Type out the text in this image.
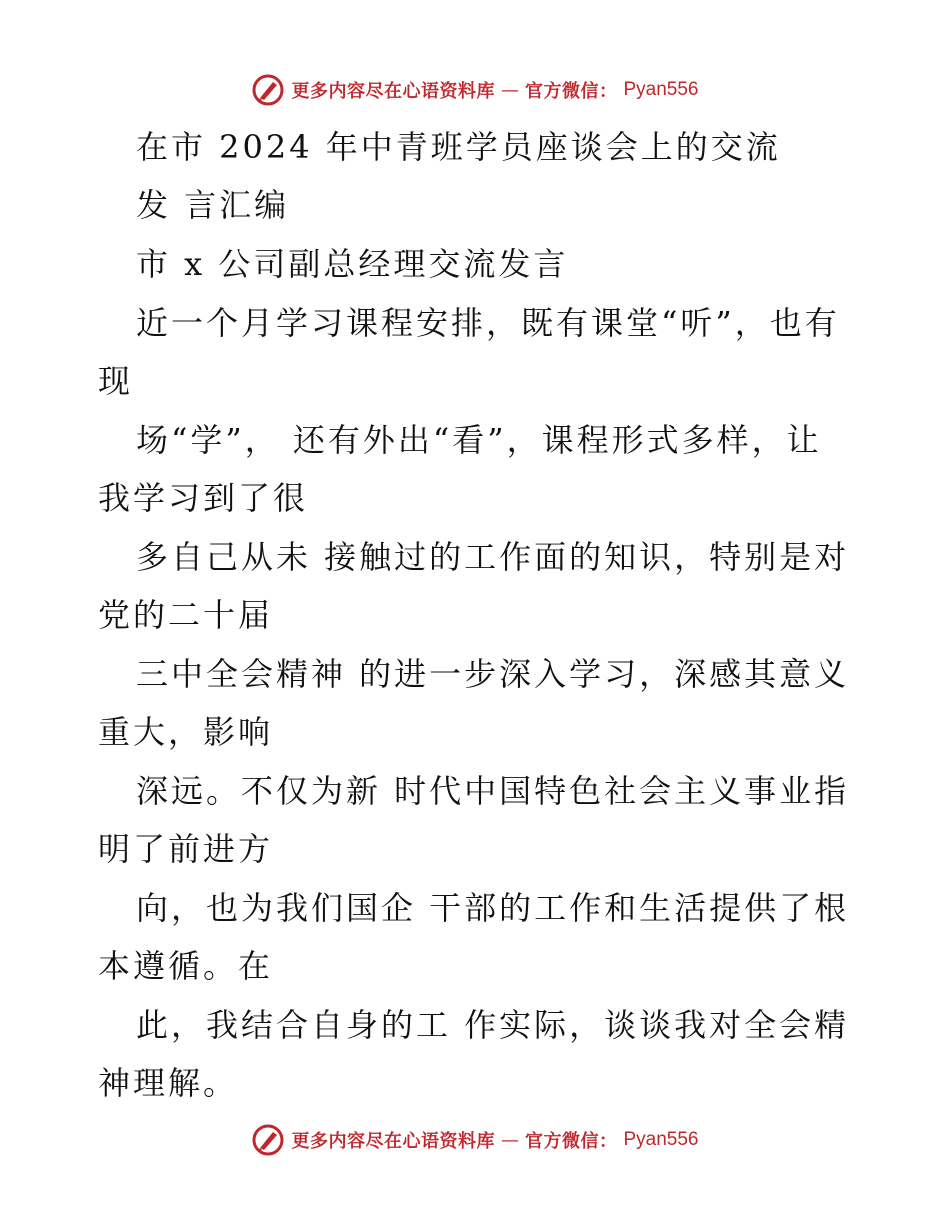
更多内容尽在心语资料库 — 官方微信： Pyan556
在市 2024 年中青班学员座谈会上的交流
发 言汇编
市 x 公司副总经理交流发言
近一个月学习课程安排，既有课堂“听”，也有
现
场“学”， 还有外出“看”，课程形式多样，让
我学习到了很
多自己从未 接触过的工作面的知识，特别是对
党的二十届
三中全会精神 的进一步深入学习，深感其意义
重大，影响
深远。不仅为新 时代中国特色社会主义事业指
明了前进方
向，也为我们国企 干部的工作和生活提供了根
本遵循。在
此，我结合自身的工 作实际，谈谈我对全会精
神理解。
更多内容尽在心语资料库 — 官方微信： Pyan556
